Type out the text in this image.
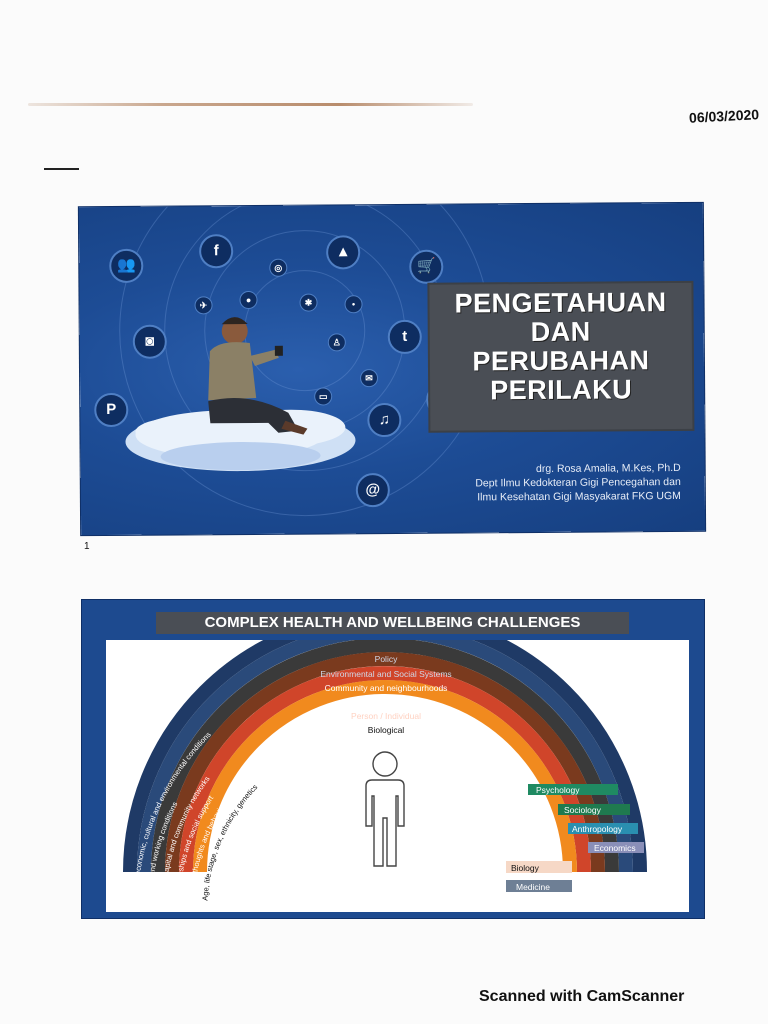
06/03/2020
👥
f
◎
▲
🛒
✈
●	✱	•
◙	♙	t
✉
▭
P
♫
@
PENGETAHUAN
DAN
PERUBAHAN
PERILAKU
drg. Rosa Amalia, M.Kes, Ph.D
Dept Ilmu Kedokteran Gigi Pencegahan dan
Ilmu Kesehatan Gigi Masyakarat FKG UGM
1
COMPLEX HEALTH AND WELLBEING CHALLENGES
Policy
Environmental and Social Systems
Community and neighbourhoods
Family and Friends
Person / Individual
Biological
Socio-economic, cultural and environmental conditions
Living and working conditions
Social capital and community networks
Relationships and social support
Internal thoughts and behaviours
Age, life stage, sex, ethnicity, genetics	Psychology
Sociology
Anthropology
Economics
Biology
Medicine
Scanned with CamScanner
